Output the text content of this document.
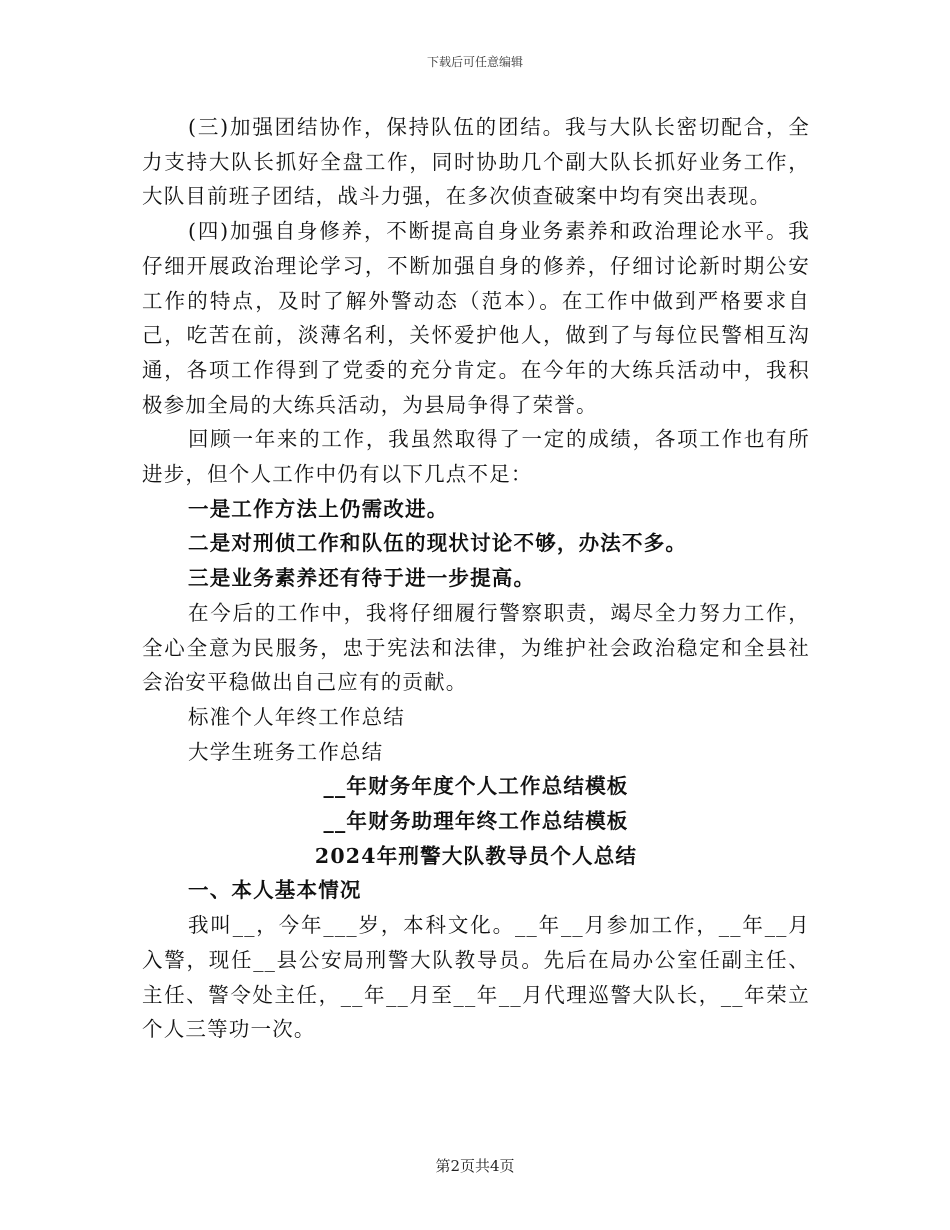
下载后可任意编辑

(三)加强团结协作，保持队伍的团结。我与大队长密切配合，全力支持大队长抓好全盘工作，同时协助几个副大队长抓好业务工作，大队目前班子团结，战斗力强，在多次侦查破案中均有突出表现。

(四)加强自身修养，不断提高自身业务素养和政治理论水平。我仔细开展政治理论学习，不断加强自身的修养，仔细讨论新时期公安工作的特点，及时了解外警动态（范本）。在工作中做到严格要求自己，吃苦在前，淡薄名利，关怀爱护他人，做到了与每位民警相互沟通，各项工作得到了党委的充分肯定。在今年的大练兵活动中，我积极参加全局的大练兵活动，为县局争得了荣誉。

回顾一年来的工作，我虽然取得了一定的成绩，各项工作也有所进步，但个人工作中仍有以下几点不足：

一是工作方法上仍需改进。

二是对刑侦工作和队伍的现状讨论不够，办法不多。

三是业务素养还有待于进一步提高。

在今后的工作中，我将仔细履行警察职责，竭尽全力努力工作，全心全意为民服务，忠于宪法和法律，为维护社会政治稳定和全县社会治安平稳做出自己应有的贡献。

标准个人年终工作总结

大学生班务工作总结

__年财务年度个人工作总结模板

__年财务助理年终工作总结模板

2024年刑警大队教导员个人总结

一、本人基本情况

我叫__，今年___岁，本科文化。__年__月参加工作，__年__月入警，现任__县公安局刑警大队教导员。先后在局办公室任副主任、主任、警令处主任，__年__月至__年__月代理巡警大队长，__年荣立个人三等功一次。

第2页共4页
